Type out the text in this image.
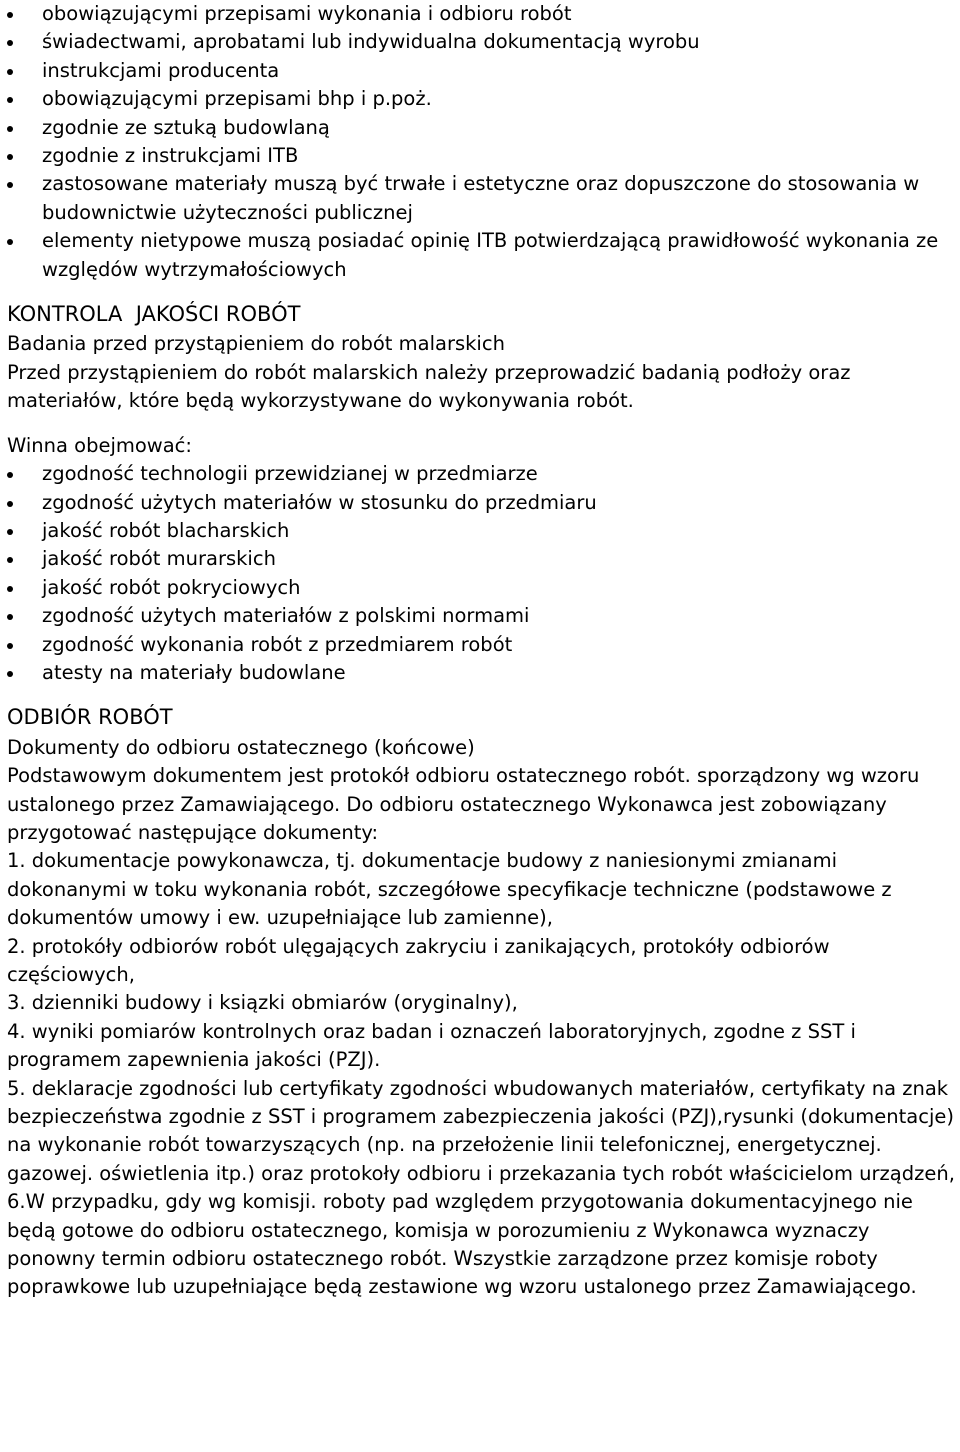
obowiązującymi przepisami wykonania i odbioru robót
świadectwami, aprobatami lub indywidualna dokumentacją wyrobu
instrukcjami producenta
obowiązującymi przepisami bhp i p.poż.
zgodnie ze sztuką budowlaną
zgodnie z instrukcjami ITB
zastosowane materiały muszą być trwałe i estetyczne oraz dopuszczone do stosowania w budownictwie użyteczności publicznej
elementy nietypowe muszą posiadać opinię ITB potwierdzającą prawidłowość wykonania ze względów wytrzymałościowych
KONTROLA  JAKOŚCI ROBÓT

Badania przed przystąpieniem do robót malarskich

Przed przystąpieniem do robót malarskich należy przeprowadzić badanią podłoży oraz materiałów, które będą wykorzystywane do wykonywania robót.

Winna obejmować:

zgodność technologii przewidzianej w przedmiarze
zgodność użytych materiałów w stosunku do przedmiaru
jakość robót blacharskich
jakość robót murarskich
jakość robót pokryciowych
zgodność użytych materiałów z polskimi normami
zgodność wykonania robót z przedmiarem robót
atesty na materiały budowlane
ODBIÓR ROBÓT

Dokumenty do odbioru ostatecznego (końcowe)

Podstawowym dokumentem jest protokół odbioru ostatecznego robót. sporządzony wg wzoru ustalonego przez Zamawiającego. Do odbioru ostatecznego Wykonawca jest zobowiązany przygotować następujące dokumenty:

1. dokumentacje powykonawcza, tj. dokumentacje budowy z naniesionymi zmianami dokonanymi w toku wykonania robót, szczegółowe specyfikacje techniczne (podstawowe z dokumentów umowy i ew. uzupełniające lub zamienne),

2. protokóły odbiorów robót ulęgających zakryciu i zanikających, protokóły odbiorów częściowych,

3. dzienniki budowy i ksiązki obmiarów (oryginalny),

4. wyniki pomiarów kontrolnych oraz badan i oznaczeń laboratoryjnych, zgodne z SST i programem zapewnienia jakości (PZJ).

5. deklaracje zgodności lub certyfikaty zgodności wbudowanych materiałów, certyfikaty na znak bezpieczeństwa zgodnie z SST i programem zabezpieczenia jakości (PZJ),rysunki (dokumentacje) na wykonanie robót towarzyszących (np. na przełożenie linii telefonicznej, energetycznej. gazowej. oświetlenia itp.) oraz protokoły odbioru i przekazania tych robót właścicielom urządzeń,

6.W przypadku, gdy wg komisji. roboty pad względem przygotowania dokumentacyjnego nie będą gotowe do odbioru ostatecznego, komisja w porozumieniu z Wykonawca wyznaczy ponowny termin odbioru ostatecznego robót. Wszystkie zarządzone przez komisje roboty poprawkowe lub uzupełniające będą zestawione wg wzoru ustalonego przez Zamawiającego.
